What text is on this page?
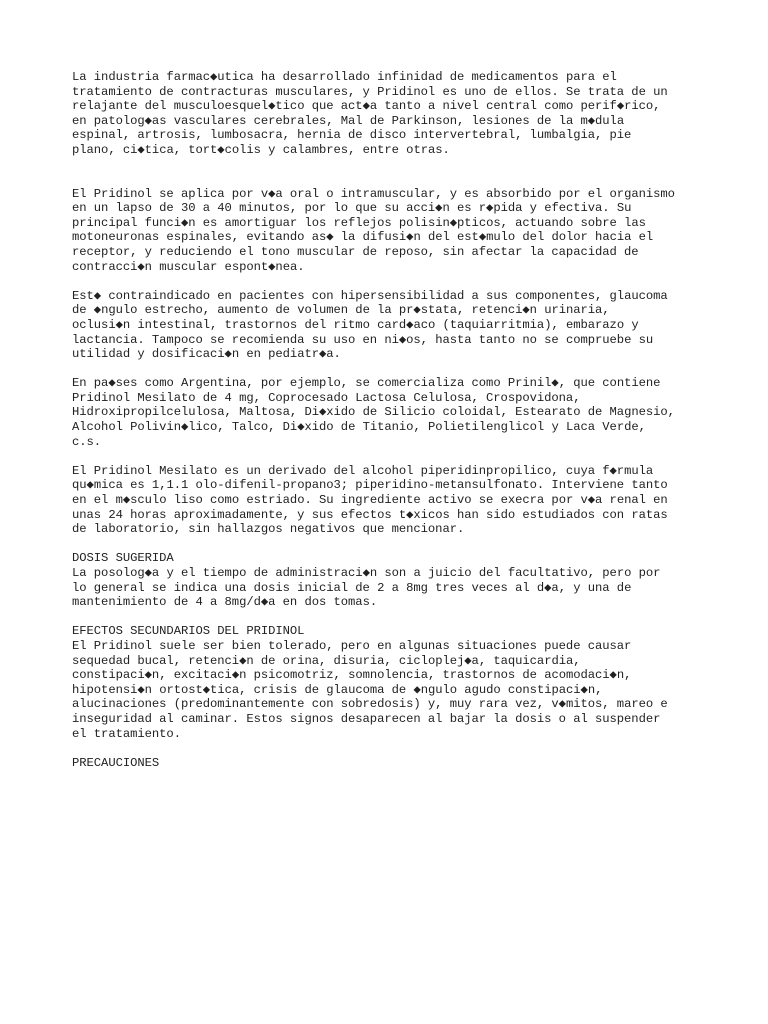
La industria farmac◆utica ha desarrollado infinidad de medicamentos para el
tratamiento de contracturas musculares, y Pridinol es uno de ellos. Se trata de un
relajante del musculoesquel◆tico que act◆a tanto a nivel central como perif◆rico,
en patolog◆as vasculares cerebrales, Mal de Parkinson, lesiones de la m◆dula
espinal, artrosis, lumbosacra, hernia de disco intervertebral, lumbalgia, pie
plano, ci◆tica, tort◆colis y calambres, entre otras.

El Pridinol se aplica por v◆a oral o intramuscular, y es absorbido por el organismo
en un lapso de 30 a 40 minutos, por lo que su acci◆n es r◆pida y efectiva. Su
principal funci◆n es amortiguar los reflejos polisin◆pticos, actuando sobre las
motoneuronas espinales, evitando as◆ la difusi◆n del est◆mulo del dolor hacia el
receptor, y reduciendo el tono muscular de reposo, sin afectar la capacidad de
contracci◆n muscular espont◆nea.

Est◆ contraindicado en pacientes con hipersensibilidad a sus componentes, glaucoma
de ◆ngulo estrecho, aumento de volumen de la pr◆stata, retenci◆n urinaria,
oclusi◆n intestinal, trastornos del ritmo card◆aco (taquiarritmia), embarazo y
lactancia. Tampoco se recomienda su uso en ni◆os, hasta tanto no se compruebe su
utilidad y dosificaci◆n en pediatr◆a.

En pa◆ses como Argentina, por ejemplo, se comercializa como Prinil◆, que contiene
Pridinol Mesilato de 4 mg, Coprocesado Lactosa Celulosa, Crospovidona,
Hidroxipropilcelulosa, Maltosa, Di◆xido de Silicio coloidal, Estearato de Magnesio,
Alcohol Polivin◆lico, Talco, Di◆xido de Titanio, Polietilenglicol y Laca Verde,
c.s.

El Pridinol Mesilato es un derivado del alcohol piperidinpropilico, cuya f◆rmula
qu◆mica es 1,1.1 olo-difenil-propano3; piperidino-metansulfonato. Interviene tanto
en el m◆sculo liso como estriado. Su ingrediente activo se execra por v◆a renal en
unas 24 horas aproximadamente, y sus efectos t◆xicos han sido estudiados con ratas
de laboratorio, sin hallazgos negativos que mencionar.

DOSIS SUGERIDA
La posolog◆a y el tiempo de administraci◆n son a juicio del facultativo, pero por
lo general se indica una dosis inicial de 2 a 8mg tres veces al d◆a, y una de
mantenimiento de 4 a 8mg/d◆a en dos tomas.

EFECTOS SECUNDARIOS DEL PRIDINOL
El Pridinol suele ser bien tolerado, pero en algunas situaciones puede causar
sequedad bucal, retenci◆n de orina, disuria, cicloplej◆a, taquicardia,
constipaci◆n, excitaci◆n psicomotriz, somnolencia, trastornos de acomodaci◆n,
hipotensi◆n ortost◆tica, crisis de glaucoma de ◆ngulo agudo constipaci◆n,
alucinaciones (predominantemente con sobredosis) y, muy rara vez, v◆mitos, mareo e
inseguridad al caminar. Estos signos desaparecen al bajar la dosis o al suspender
el tratamiento.

PRECAUCIONES
